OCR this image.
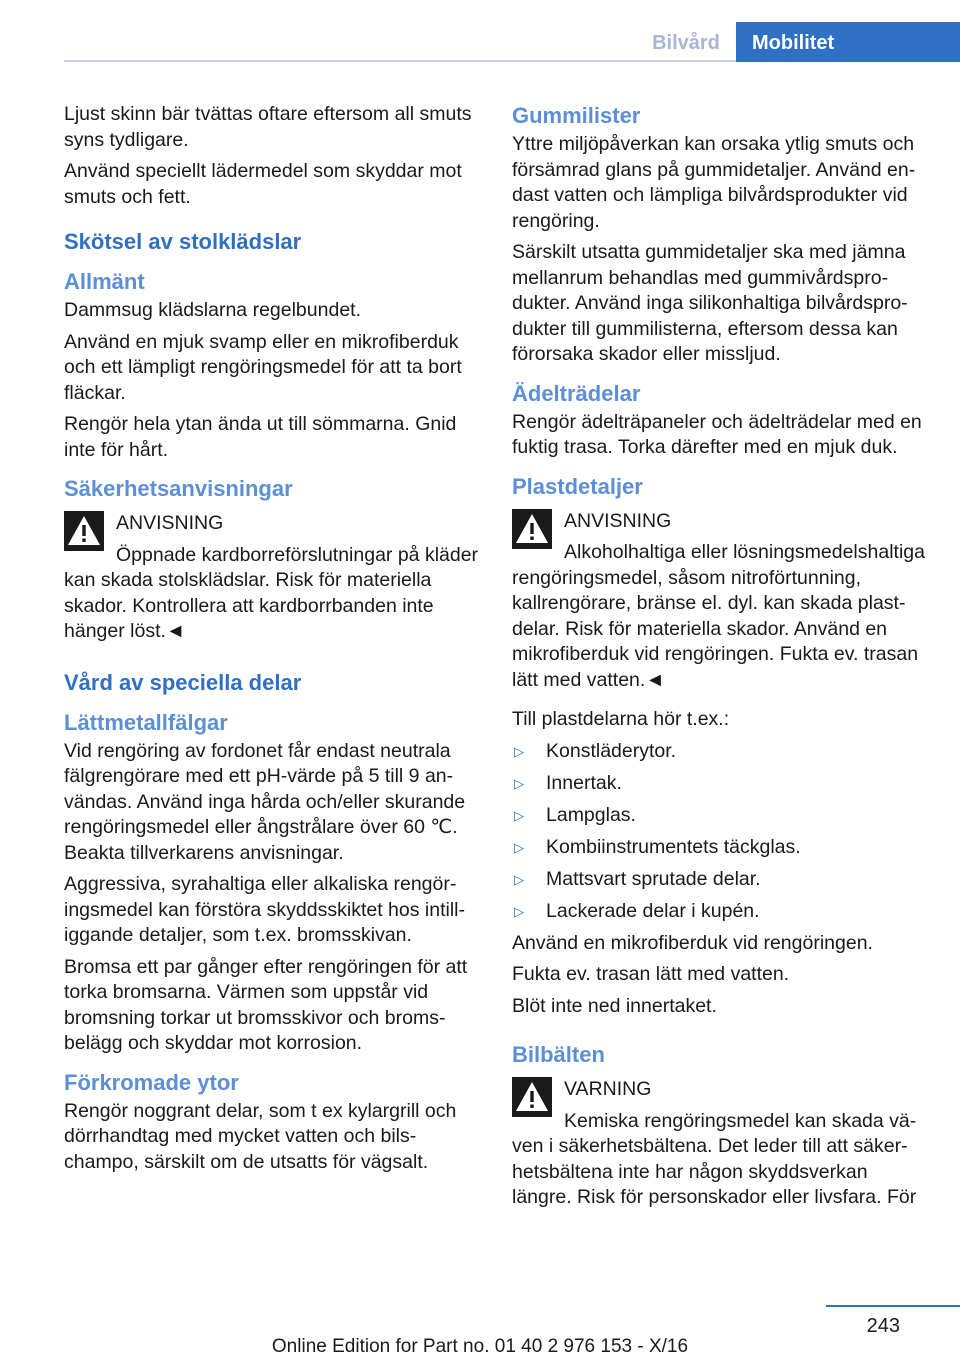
Bilvård	Mobilitet

Ljust skinn bär tvättas oftare eftersom all smuts syns tydligare.

Använd speciellt lädermedel som skyddar mot smuts och fett.

Skötsel av stolklädslar
Allmänt

Dammsug klädslarna regelbundet.

Använd en mjuk svamp eller en mikrofiberduk och ett lämpligt rengöringsmedel för att ta bort fläckar.

Rengör hela ytan ända ut till sömmarna. Gnid inte för hårt.

Säkerhetsanvisningar

ANVISNING

Öppnade kardborreförslutningar på kläder kan skada stolsklädslar. Risk för materiella skador. Kontrollera att kardborrbanden inte hänger löst.◄

Vård av speciella delar
Lättmetallfälgar

Vid rengöring av fordonet får endast neutrala fälgrengörare med ett pH-värde på 5 till 9 användas. Använd inga hårda och/eller skurande rengöringsmedel eller ångstrålare över 60 ℃. Beakta tillverkarens anvisningar.

Aggressiva, syrahaltiga eller alkaliska rengöringsmedel kan förstöra skyddsskiktet hos intilliggande detaljer, som t.ex. bromsskivan.

Bromsa ett par gånger efter rengöringen för att torka bromsarna. Värmen som uppstår vid bromsning torkar ut bromsskivor och bromsbelägg och skyddar mot korrosion.

Förkromade ytor

Rengör noggrant delar, som t ex kylargrill och dörrhandtag med mycket vatten och bilschampo, särskilt om de utsatts för vägsalt.

Gummilister

Yttre miljöpåverkan kan orsaka ytlig smuts och försämrad glans på gummidetaljer. Använd endast vatten och lämpliga bilvårdsprodukter vid rengöring.

Särskilt utsatta gummidetaljer ska med jämna mellanrum behandlas med gummivårdsprodukter. Använd inga silikonhaltiga bilvårdsprodukter till gummilisterna, eftersom dessa kan förorsaka skador eller missljud.

Ädelträdelar

Rengör ädelträpaneler och ädelträdelar med en fuktig trasa. Torka därefter med en mjuk duk.

Plastdetaljer

ANVISNING

Alkoholhaltiga eller lösningsmedelshaltiga rengöringsmedel, såsom nitroförtunning, kallrengörare, bränse el. dyl. kan skada plastdelar. Risk för materiella skador. Använd en mikrofiberduk vid rengöringen. Fukta ev. trasan lätt med vatten.◄

Till plastdelarna hör t.ex.:

▷ Konstläderytor.
▷ Innertak.
▷ Lampglas.
▷ Kombiinstrumentets täckglas.
▷ Mattsvart sprutade delar.
▷ Lackerade delar i kupén.

Använd en mikrofiberduk vid rengöringen.

Fukta ev. trasan lätt med vatten.

Blöt inte ned innertaket.

Bilbälten

VARNING

Kemiska rengöringsmedel kan skada väven i säkerhetsbältena. Det leder till att säkerhetsbältena inte har någon skyddsverkan längre. Risk för personskador eller livsfara. För

243
Online Edition for Part no. 01 40 2 976 153 - X/16
